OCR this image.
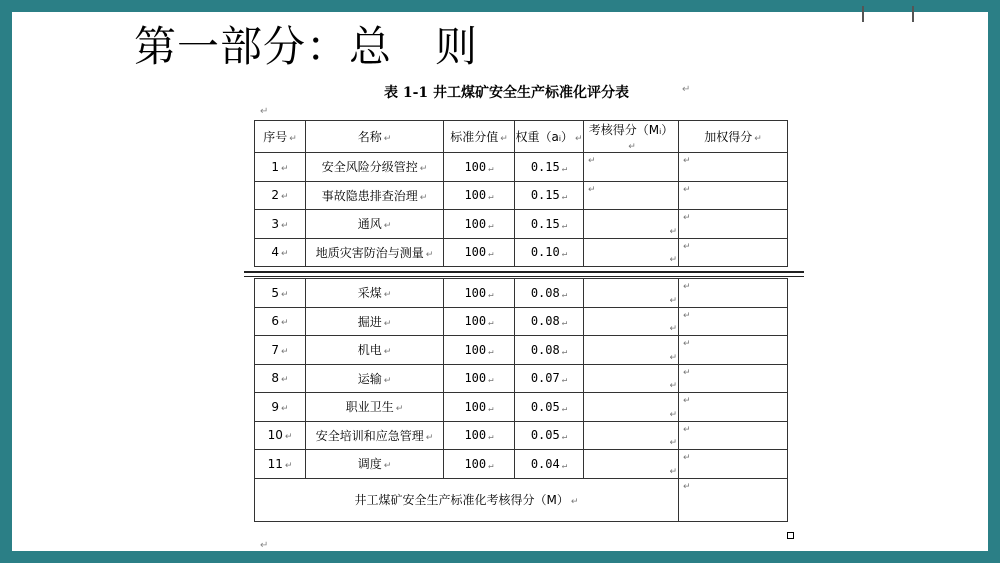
第一部分：总　则
表 1-1 井工煤矿安全生产标准化评分表	↵
↵
序号 ↵	名称 ↵	标准分值 ↵	权重（aᵢ） ↵	考核得分（Mᵢ）↵	加权得分 ↵
1 ↵	安全风险分级管控 ↵	100 ↵	0.15 ↵	↵	↵

2 ↵	事故隐患排查治理 ↵	100 ↵	0.15 ↵	↵	↵

3 ↵	通风 ↵	100 ↵	0.15 ↵	↵	↵

4 ↵	地质灾害防治与测量 ↵	100 ↵	0.10 ↵	↵	↵
5 ↵	采煤 ↵	100 ↵	0.08 ↵	↵	↵

6 ↵	掘进 ↵	100 ↵	0.08 ↵	↵	↵

7 ↵	机电 ↵	100 ↵	0.08 ↵	↵	↵

8 ↵	运输 ↵	100 ↵	0.07 ↵	↵	↵

9 ↵	职业卫生 ↵	100 ↵	0.05 ↵	↵	↵

10 ↵	安全培训和应急管理 ↵	100 ↵	0.05 ↵	↵	↵

11 ↵	调度 ↵	100 ↵	0.04 ↵	↵	↵

井工煤矿安全生产标准化考核得分（M） ↵					↵
↵
